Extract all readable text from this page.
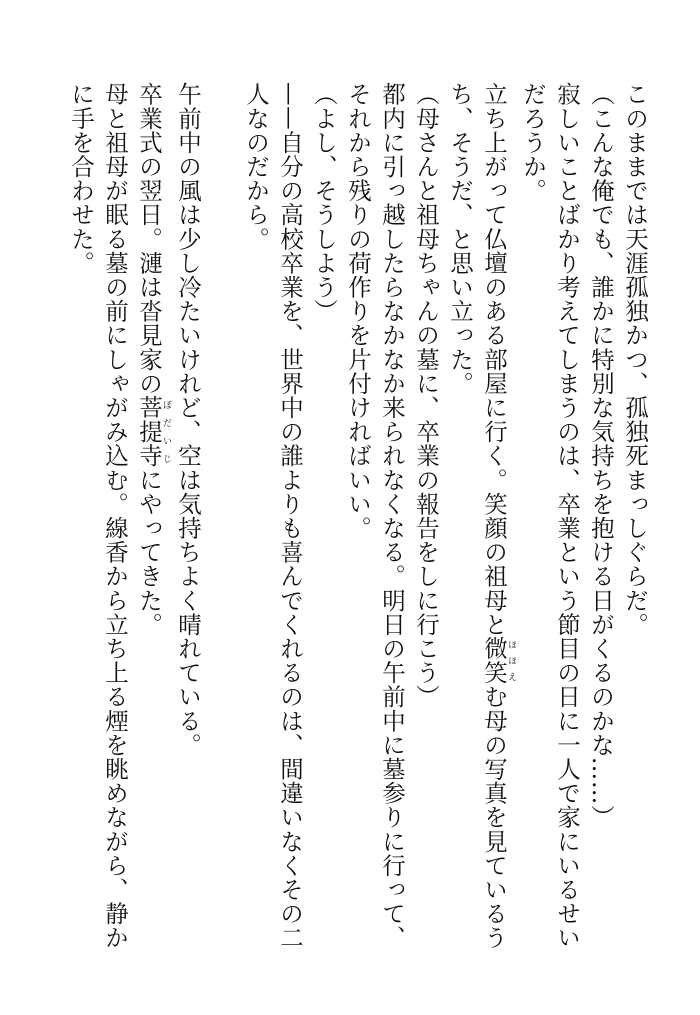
このままでは天涯孤独かつ、孤独死まっしぐらだ。

（こんな俺でも、誰かに特別な気持ちを抱ける日がくるのかな……）

寂しいことばかり考えてしまうのは、卒業という節目の日に一人で家にいるせいだろうか。

立ち上がって仏壇のある部屋に行く。笑顔の祖母と微笑ほほえむ母の写真を見ているうち、そうだ、と思い立った。

（母さんと祖母ちゃんの墓に、卒業の報告をしに行こう）

都内に引っ越したらなかなか来られなくなる。明日の午前中に墓参りに行って、それから残りの荷作りを片付ければいい。

（よし、そうしよう）

——自分の高校卒業を、世界中の誰よりも喜んでくれるのは、間違いなくその二人なのだから。

午前中の風は少し冷たいけれど、空は気持ちよく晴れている。

卒業式の翌日。漣は沓見家の菩提寺ぼだいじにやってきた。

母と祖母が眠る墓の前にしゃがみ込む。線香から立ち上る煙を眺めながら、静かに手を合わせた。
